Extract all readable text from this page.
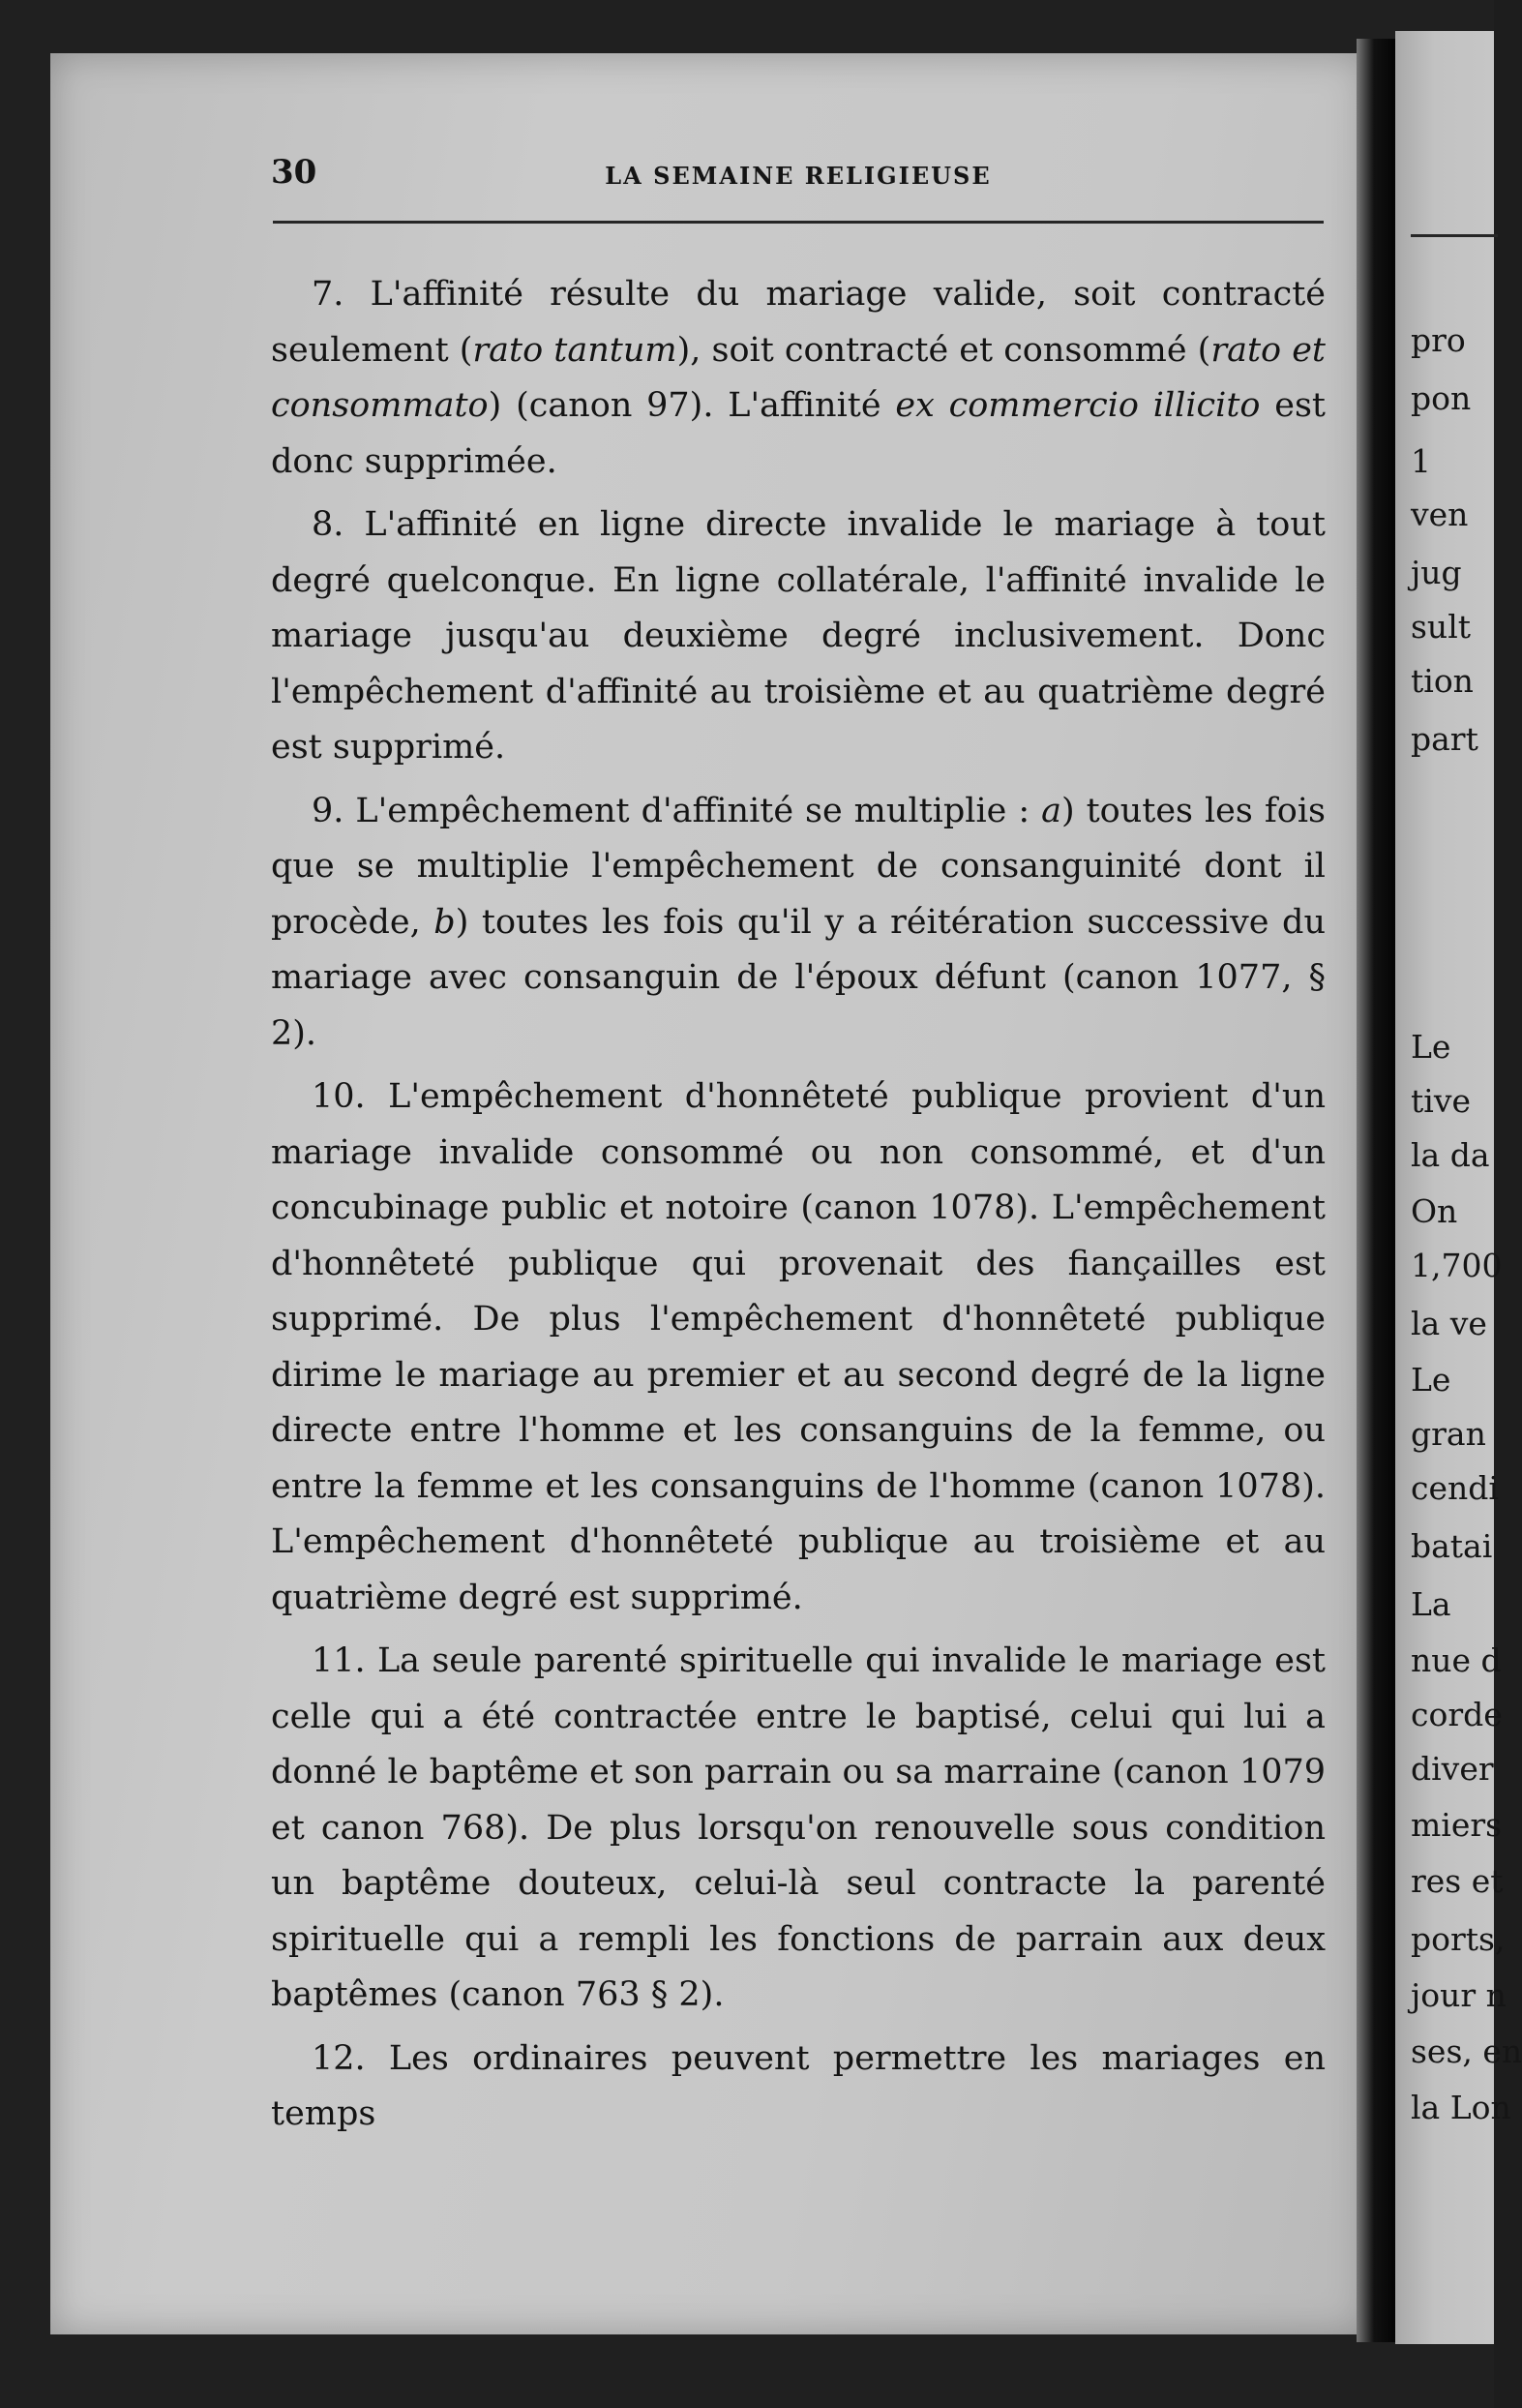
30	LA SEMAINE RELIGIEUSE

7. L'affinité résulte du mariage valide, soit contracté seulement (rato tantum), soit contracté et consommé (rato et consommato) (canon 97). L'affinité ex commercio illicito est donc supprimée.

8. L'affinité en ligne directe invalide le mariage à tout degré quelconque. En ligne collatérale, l'affinité invalide le mariage jusqu'au deuxième degré inclusivement. Donc l'empêchement d'affinité au troisième et au quatrième degré est supprimé.

9. L'empêchement d'affinité se multiplie : a) toutes les fois que se multiplie l'empêchement de consanguinité dont il procède, b) toutes les fois qu'il y a réitération successive du mariage avec consanguin de l'époux défunt (canon 1077, § 2).

10. L'empêchement d'honnêteté publique provient d'un mariage invalide consommé ou non consommé, et d'un concubinage public et notoire (canon 1078). L'empêchement d'honnêteté publique qui provenait des fiançailles est supprimé. De plus l'empêchement d'honnêteté publique dirime le mariage au premier et au second degré de la ligne directe entre l'homme et les consanguins de la femme, ou entre la femme et les consanguins de l'homme (canon 1078). L'empêchement d'honnêteté publique au troisième et au quatrième degré est supprimé.

11. La seule parenté spirituelle qui invalide le mariage est celle qui a été contractée entre le baptisé, celui qui lui a donné le baptême et son parrain ou sa marraine (canon 1079 et canon 768). De plus lorsqu'on renouvelle sous condition un baptême douteux, celui-là seul contracte la parenté spirituelle qui a rempli les fonctions de parrain aux deux baptêmes (canon 763 § 2).

12. Les ordinaires peuvent permettre les mariages en temps

pro
pon
1
ven
jug
sult
tion
part
Le
tive
la da
On
1,700
la ve
Le
gran
cendi
batai
La
nue d
corde
diver
miers
res et
ports,
jour n
ses, en
la Lon
